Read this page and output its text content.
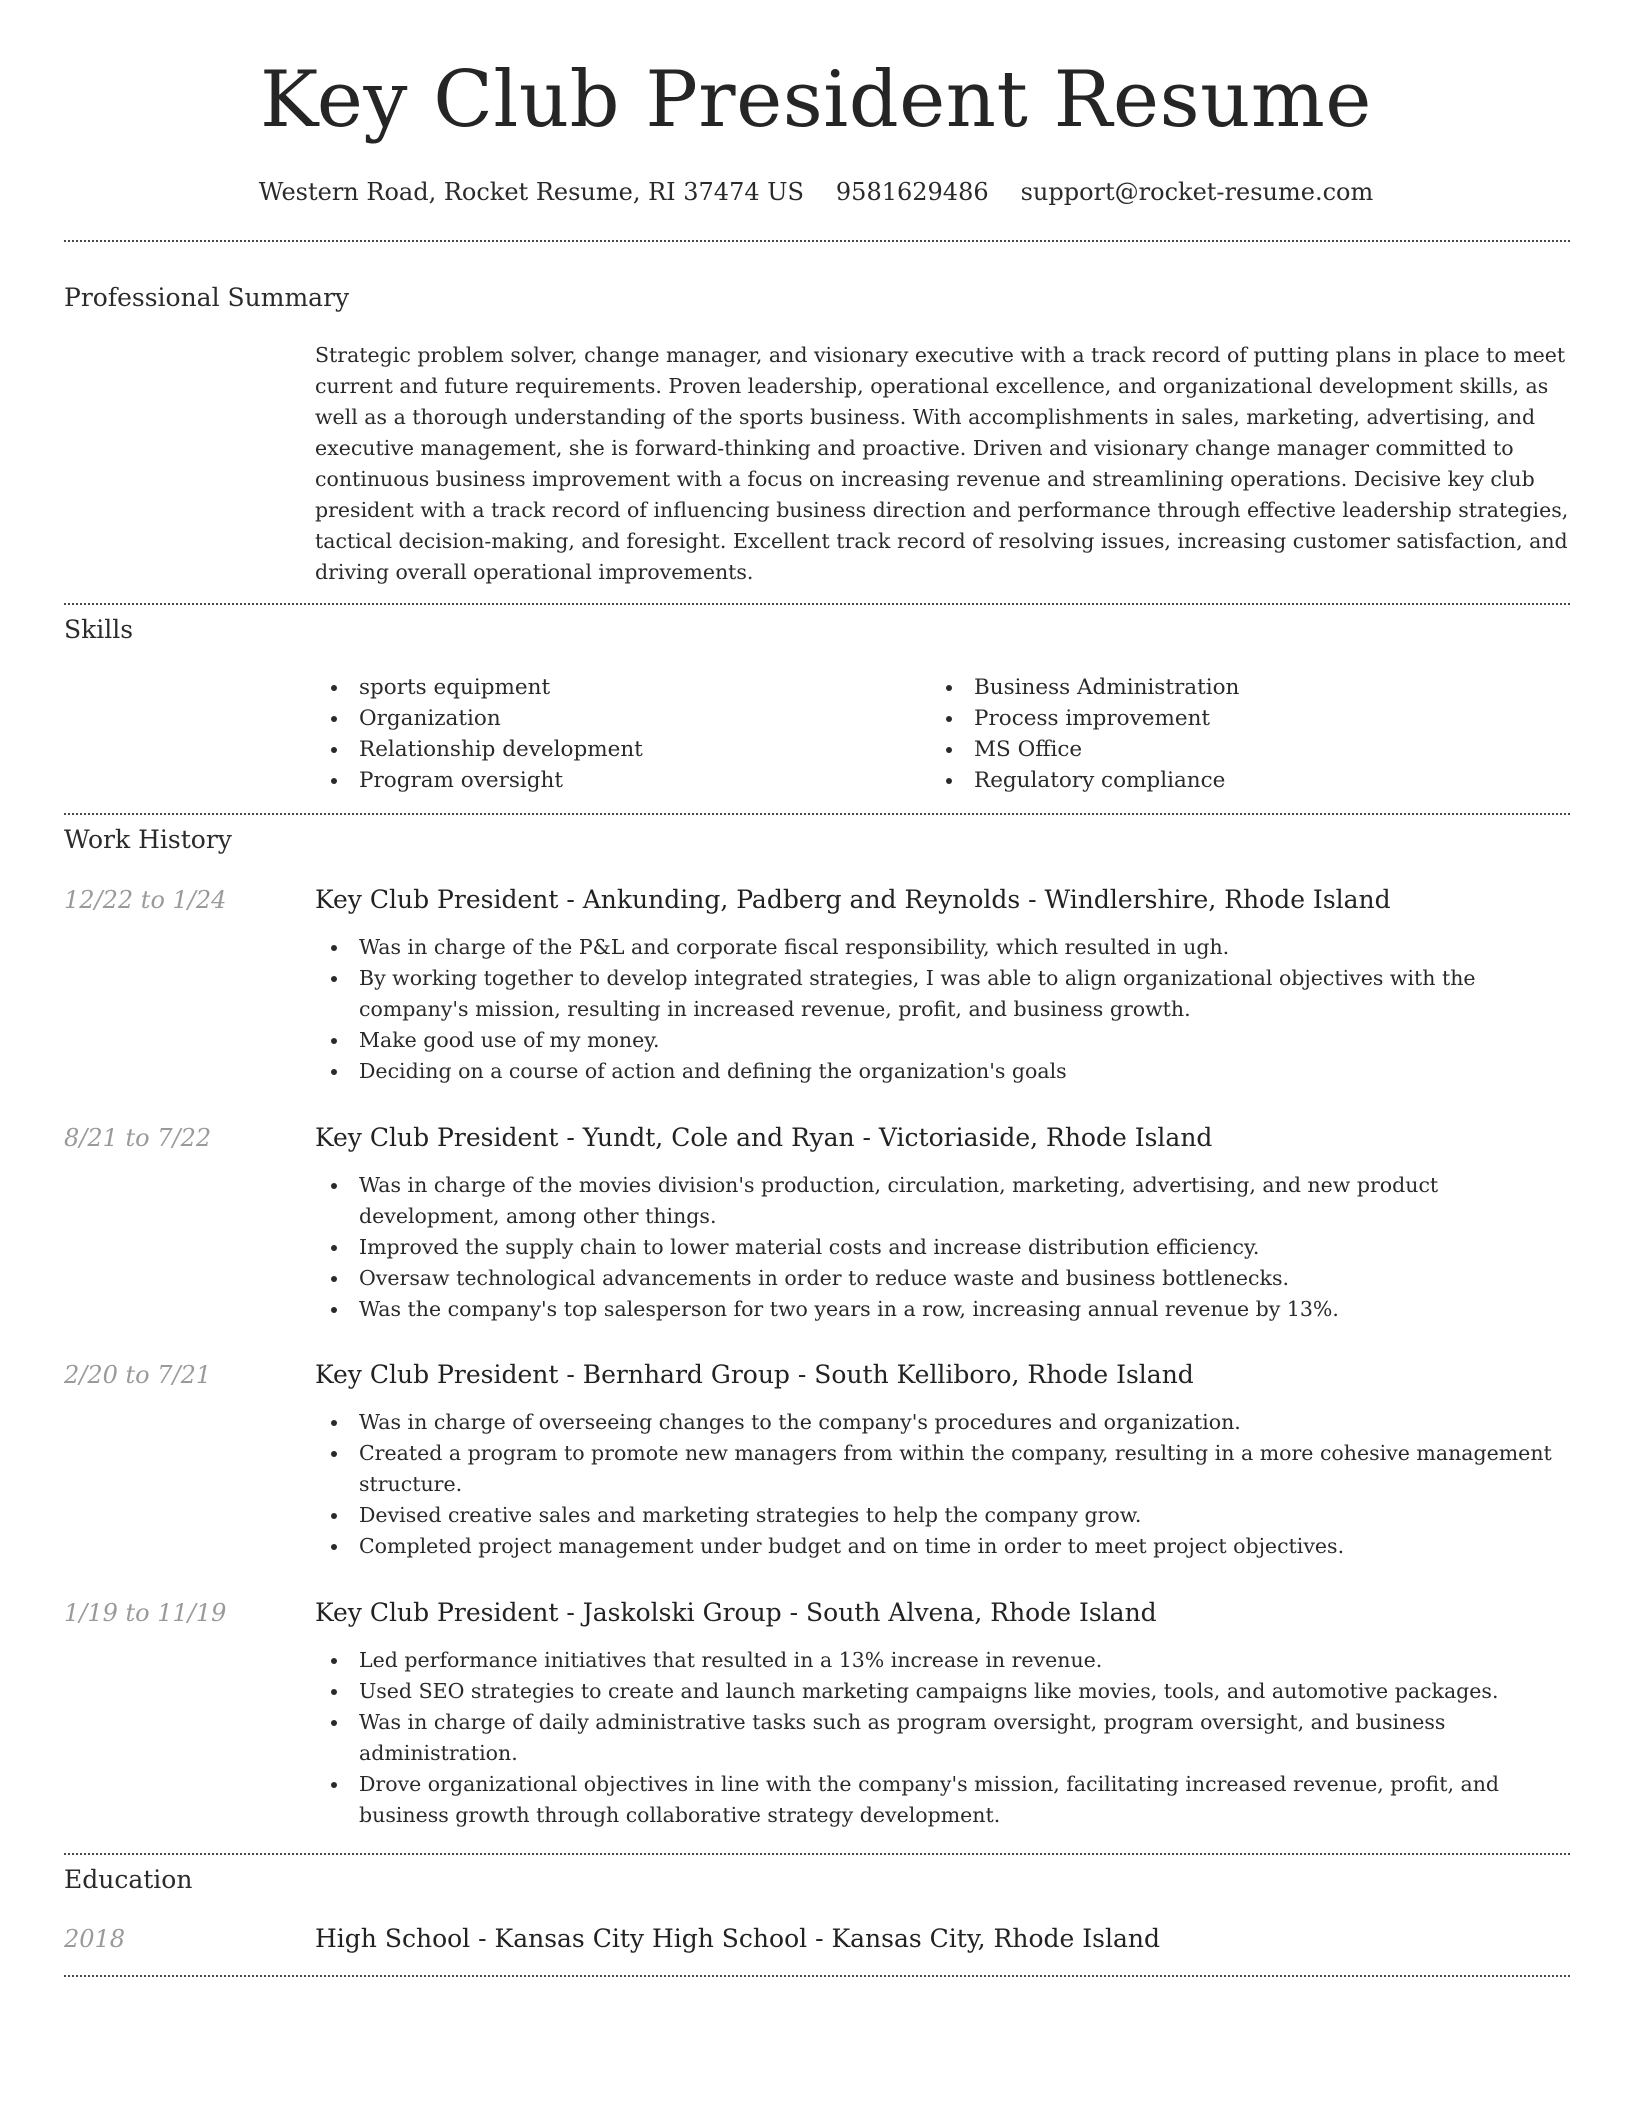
Key Club President Resume
Western Road, Rocket Resume, RI 37474 US 9581629486 support@rocket-resume.com
Professional Summary

Strategic problem solver, change manager, and visionary executive with a track record of putting plans in place to meet current and future requirements. Proven leadership, operational excellence, and organizational development skills, as well as a thorough understanding of the sports business. With accomplishments in sales, marketing, advertising, and executive management, she is forward-thinking and proactive. Driven and visionary change manager committed to continuous business improvement with a focus on increasing revenue and streamlining operations. Decisive key club president with a track record of influencing business direction and performance through effective leadership strategies, tactical decision-making, and foresight. Excellent track record of resolving issues, increasing customer satisfaction, and driving overall operational improvements.

Skills
sports equipment
Organization
Relationship development
Program oversight
Business Administration
Process improvement
MS Office
Regulatory compliance
Work History
12/22 to 1/24	Key Club President - Ankunding, Padberg and Reynolds - Windlershire, Rhode Island
Was in charge of the P&L and corporate fiscal responsibility, which resulted in ugh.
By working together to develop integrated strategies, I was able to align organizational objectives with the company's mission, resulting in increased revenue, profit, and business growth.
Make good use of my money.
Deciding on a course of action and defining the organization's goals
8/21 to 7/22	Key Club President - Yundt, Cole and Ryan - Victoriaside, Rhode Island
Was in charge of the movies division's production, circulation, marketing, advertising, and new product development, among other things.
Improved the supply chain to lower material costs and increase distribution efficiency.
Oversaw technological advancements in order to reduce waste and business bottlenecks.
Was the company's top salesperson for two years in a row, increasing annual revenue by 13%.
2/20 to 7/21	Key Club President - Bernhard Group - South Kelliboro, Rhode Island
Was in charge of overseeing changes to the company's procedures and organization.
Created a program to promote new managers from within the company, resulting in a more cohesive management structure.
Devised creative sales and marketing strategies to help the company grow.
Completed project management under budget and on time in order to meet project objectives.
1/19 to 11/19	Key Club President - Jaskolski Group - South Alvena, Rhode Island
Led performance initiatives that resulted in a 13% increase in revenue.
Used SEO strategies to create and launch marketing campaigns like movies, tools, and automotive packages.
Was in charge of daily administrative tasks such as program oversight, program oversight, and business administration.
Drove organizational objectives in line with the company's mission, facilitating increased revenue, profit, and business growth through collaborative strategy development.
Education
2018	High School - Kansas City High School - Kansas City, Rhode Island
